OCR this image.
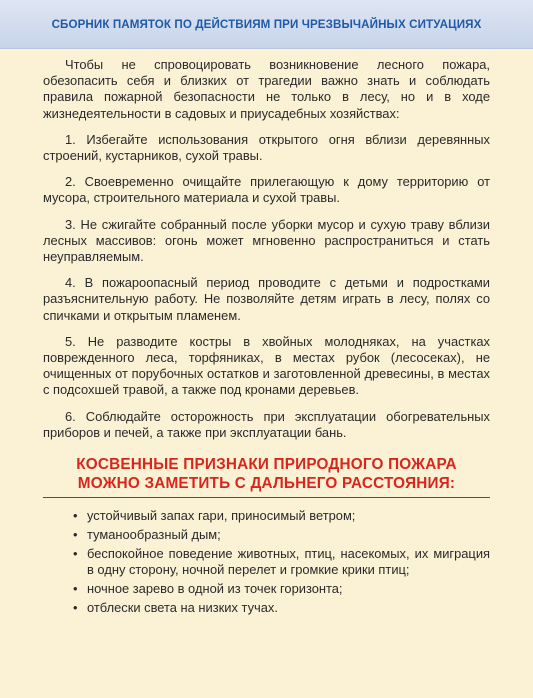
СБОРНИК ПАМЯТОК ПО ДЕЙСТВИЯМ ПРИ ЧРЕЗВЫЧАЙНЫХ СИТУАЦИЯХ

Чтобы не спровоцировать возникновение лесного пожара, обезопасить себя и близких от трагедии важно знать и соблюдать правила пожарной безопасности не только в лесу, но и в ходе жизнедеятельности в садовых и приусадебных хозяйствах:

1. Избегайте использования открытого огня вблизи деревянных строений, кустарников, сухой травы.

2. Своевременно очищайте прилегающую к дому территорию от мусора, строительного материала и сухой травы.

3. Не сжигайте собранный после уборки мусор и сухую траву вблизи лесных массивов: огонь может мгновенно распространиться и стать неуправляемым.

4. В пожароопасный период проводите с детьми и подростками разъяснительную работу. Не позволяйте детям играть в лесу, полях со спичками и открытым пламенем.

5. Не разводите костры в хвойных молодняках, на участках поврежденного леса, торфяниках, в местах рубок (лесосеках), не очищенных от порубочных остатков и заготовленной древесины, в местах с подсохшей травой, а также под кронами деревьев.

6. Соблюдайте осторожность при эксплуатации обогревательных приборов и печей, а также при эксплуатации бань.

КОСВЕННЫЕ ПРИЗНАКИ ПРИРОДНОГО ПОЖАРА
МОЖНО ЗАМЕТИТЬ С ДАЛЬНЕГО РАССТОЯНИЯ:
• устойчивый запах гари, приносимый ветром;
• туманообразный дым;
• беспокойное поведение животных, птиц, насекомых, их миграция в одну сторону, ночной перелет и громкие крики птиц;
• ночное зарево в одной из точек горизонта;
• отблески света на низких тучах.
